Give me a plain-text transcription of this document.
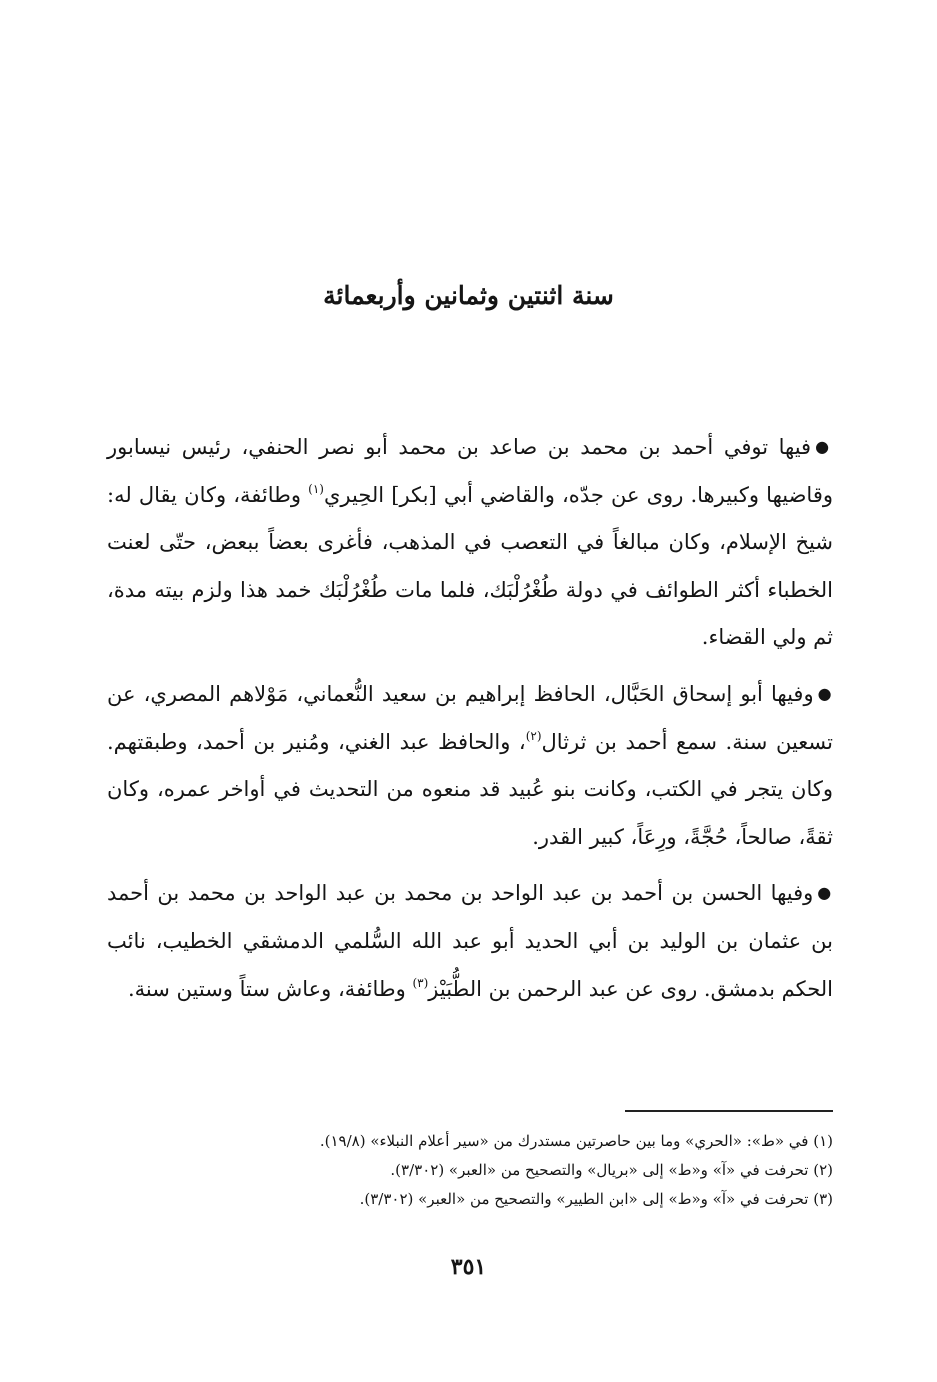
سنة اثنتين وثمانين وأربعمائة

●فيها توفي أحمد بن محمد بن صاعد بن محمد أبو نصر الحنفي، رئيس نيسابور وقاضيها وكبيرها. روى عن جدّه، والقاضي أبي [بكر] الحِيري$^{(١)}$ وطائفة، وكان يقال له: شيخ الإسلام، وكان مبالغاً في التعصب في المذهب، فأغرى بعضاً ببعض، حتّى لعنت الخطباء أكثر الطوائف في دولة طُغْرُلْبَك، فلما مات طُغْرُلْبَك خمد هذا ولزم بيته مدة، ثم ولي القضاء.

●وفيها أبو إسحاق الحَبَّال، الحافظ إبراهيم بن سعيد النُّعماني، مَوْلاهم المصري، عن تسعين سنة. سمع أحمد بن ثرثال$^{(٢)}$، والحافظ عبد الغني، ومُنير بن أحمد، وطبقتهم. وكان يتجر في الكتب، وكانت بنو عُبيد قد منعوه من التحديث في أواخر عمره، وكان ثقةً، صالحاً، حُجَّةً، ورِعَاً، كبير القدر.

●وفيها الحسن بن أحمد بن عبد الواحد بن محمد بن عبد الواحد بن محمد بن أحمد بن عثمان بن الوليد بن أبي الحديد أبو عبد الله السُّلمي الدمشقي الخطيب، نائب الحكم بدمشق. روى عن عبد الرحمن بن الطُّبَيْز$^{(٣)}$ وطائفة، وعاش ستاً وستين سنة.

(١) في «ط»: «الحري» وما بين حاصرتين مستدرك من «سير أعلام النبلاء» (١٩/٨).

(٢) تحرفت في «آ» و«ط» إلى «بريال» والتصحيح من «العبر» (٣/٣٠٢).

(٣) تحرفت في «آ» و«ط» إلى «ابن الطيير» والتصحيح من «العبر» (٣/٣٠٢).

٣٥١
